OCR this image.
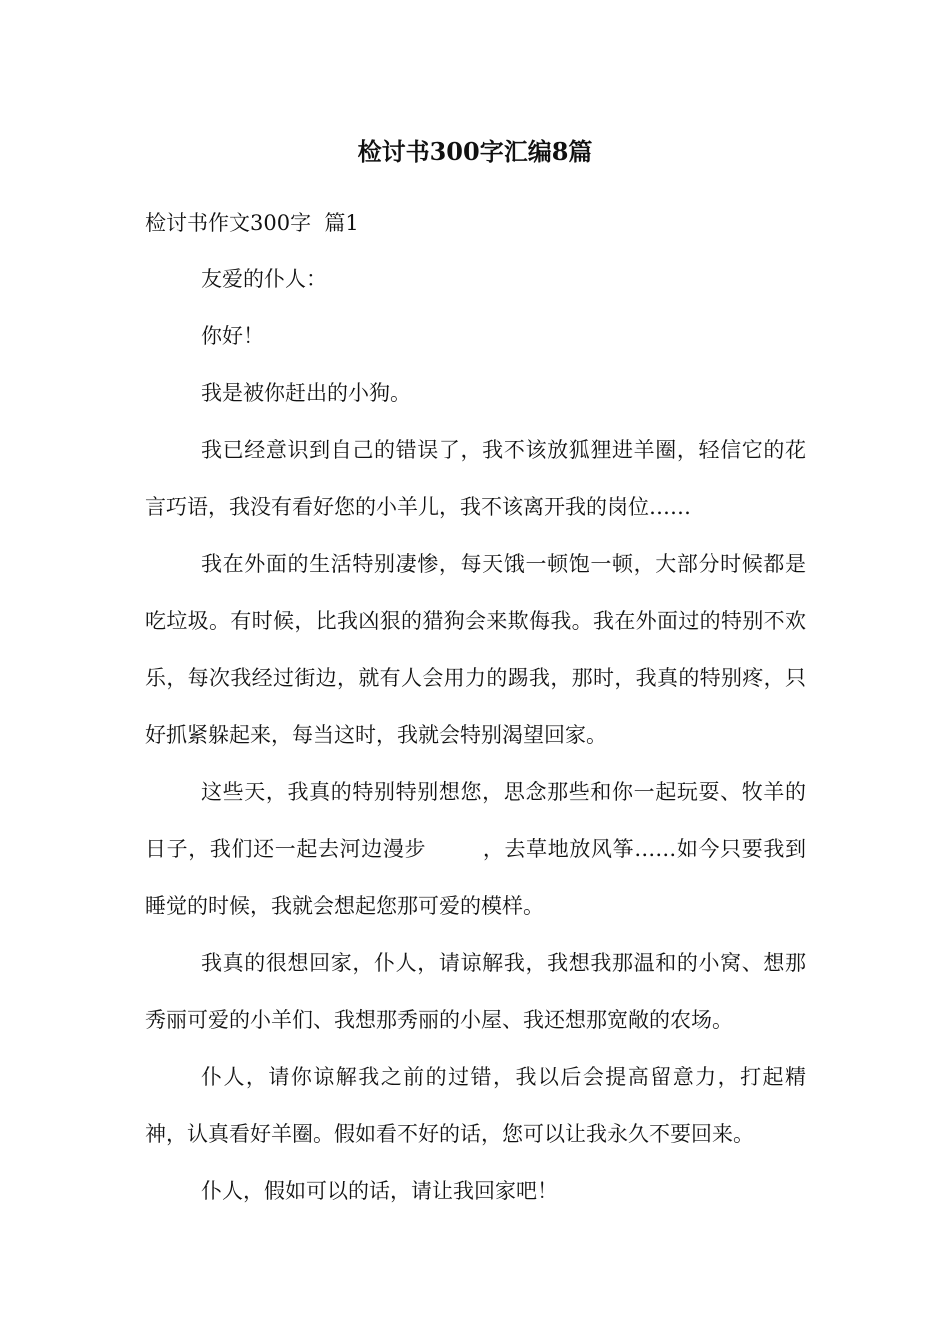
检讨书300字汇编8篇
检讨书作文300字  篇1

友爱的仆人：

你好！

我是被你赶出的小狗。

我已经意识到自己的错误了，我不该放狐狸进羊圈，轻信它的花言巧语，我没有看好您的小羊儿，我不该离开我的岗位……

我在外面的生活特别凄惨，每天饿一顿饱一顿，大部分时候都是吃垃圾。有时候，比我凶狠的猎狗会来欺侮我。我在外面过的特别不欢乐，每次我经过街边，就有人会用力的踢我，那时，我真的特别疼，只好抓紧躲起来，每当这时，我就会特别渴望回家。

这些天，我真的特别特别想您，思念那些和你一起玩耍、牧羊的日子，我们还一起去河边漫步	，去草地放风筝……如今只要我到睡觉的时候，我就会想起您那可爱的模样。

我真的很想回家，仆人，请谅解我，我想我那温和的小窝、想那秀丽可爱的小羊们、我想那秀丽的小屋、我还想那宽敞的农场。

仆人，请你谅解我之前的过错，我以后会提高留意力，打起精神，认真看好羊圈。假如看不好的话，您可以让我永久不要回来。

仆人，假如可以的话，请让我回家吧！
